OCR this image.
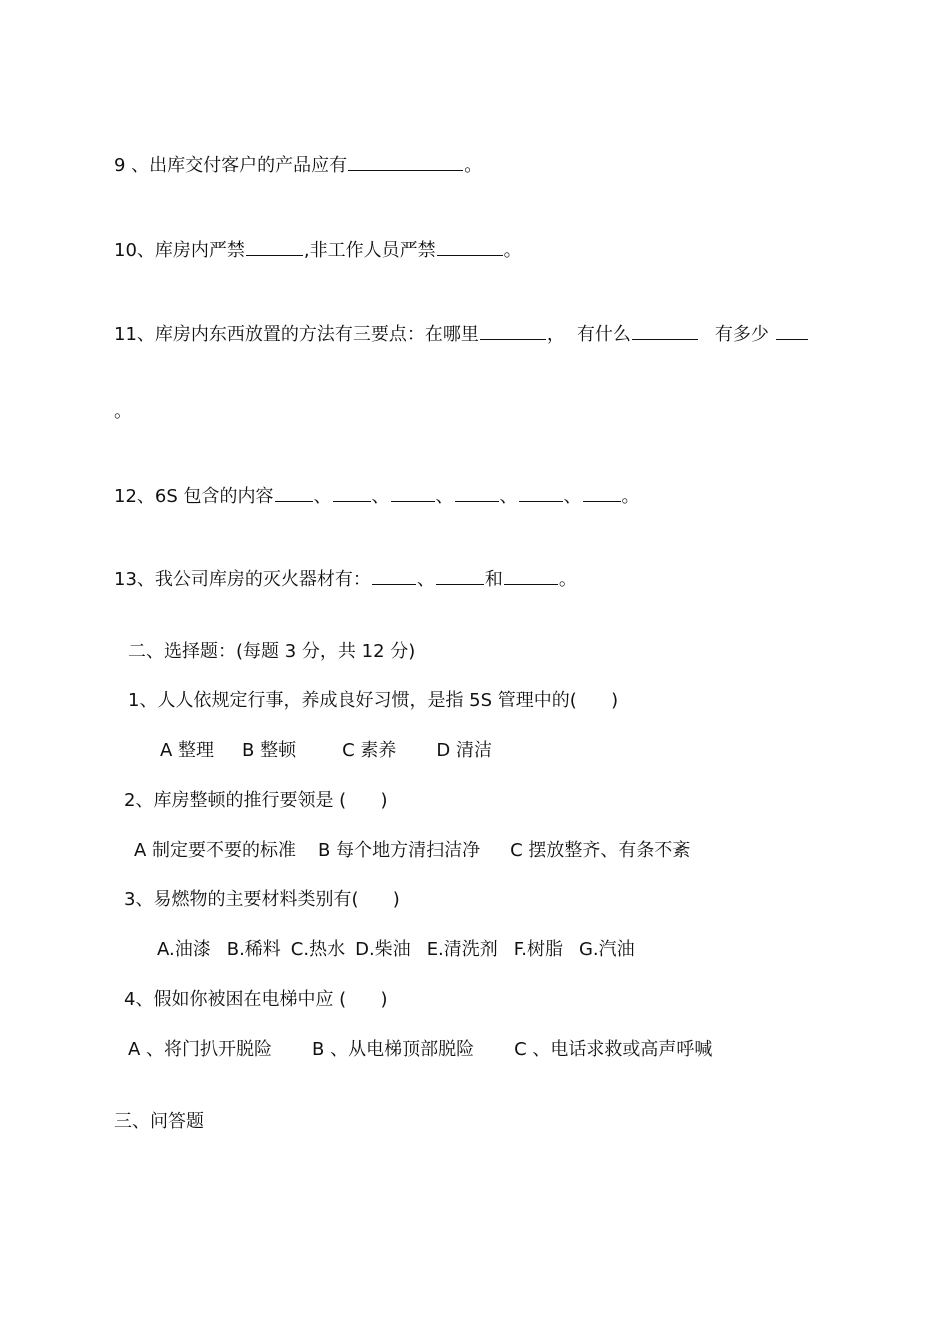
9 、出库交付客户的产品应有	。
10、库房内严禁	,非工作人员严禁	。
11、库房内东西放置的方法有三要点：在哪里	， 有什么	有多少
。
12、6S 包含的内容 、 、	、	、	、 。
13、我公司库房的灭火器材有：	、	和	。
二、选择题：(每题 3 分，共 12 分)
1、人人依规定行事，养成良好习惯，是指 5S 管理中的(      )
A 整理 B 整顿	C 素养 D 清洁
2、库房整顿的推行要领是 (      )
A 制定要不要的标准 B 每个地方清扫洁净 C 摆放整齐、有条不紊
3、易燃物的主要材料类别有(      )
A.油漆 B.稀料 C.热水 D.柴油 E.清洗剂 F.树脂 G.汽油
4、假如你被困在电梯中应 (      )
A 、将门扒开脱险 B 、从电梯顶部脱险 C 、电话求救或高声呼喊
三、问答题
